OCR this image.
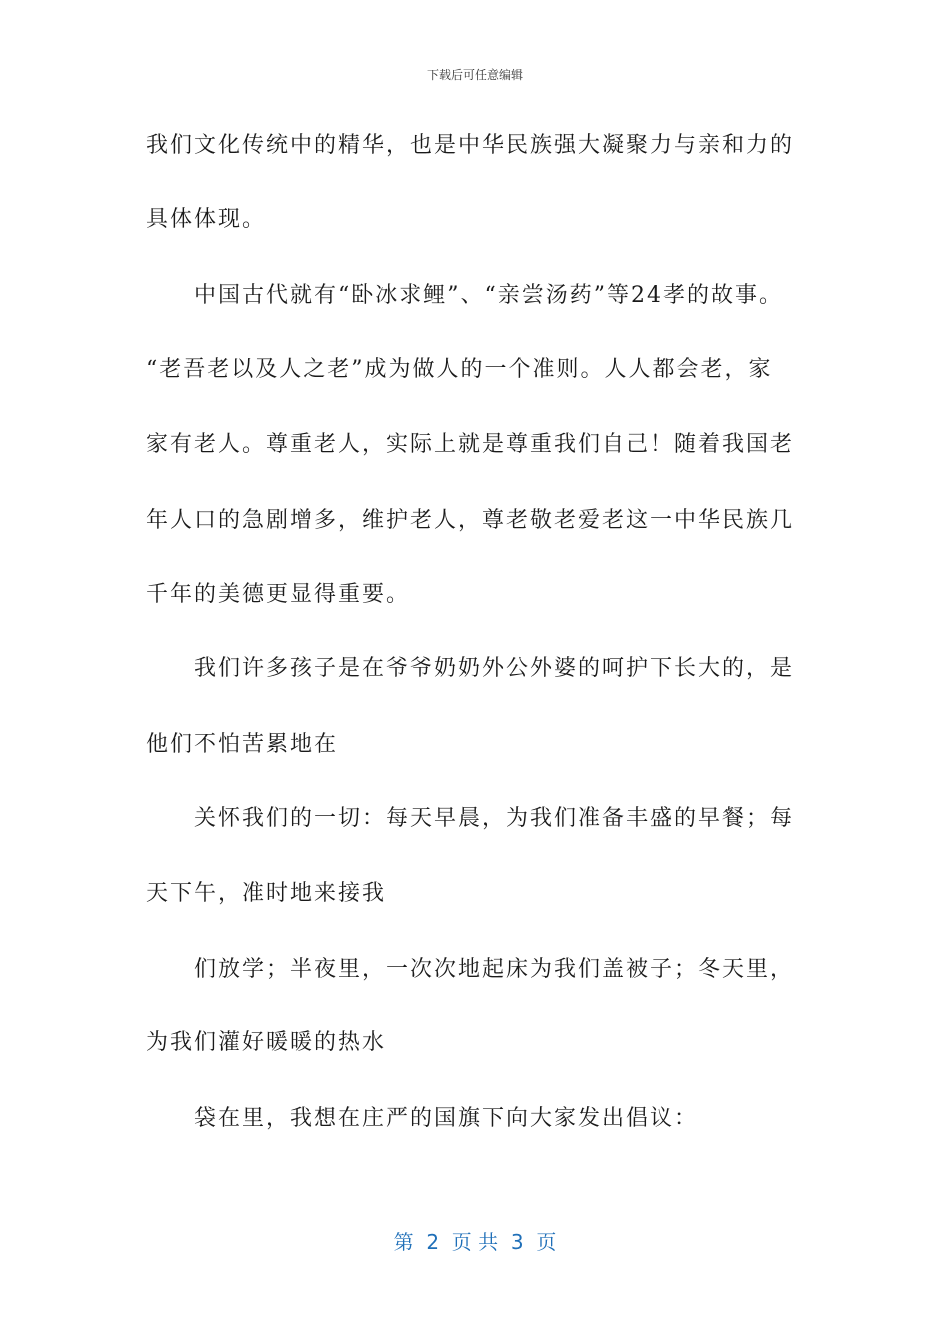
下载后可任意编辑
我们文化传统中的精华，也是中华民族强大凝聚力与亲和力的
具体体现。
中国古代就有“卧冰求鲤”、“亲尝汤药”等24孝的故事。
“老吾老以及人之老”成为做人的一个准则。人人都会老，家
家有老人。尊重老人，实际上就是尊重我们自己！随着我国老
年人口的急剧增多，维护老人，尊老敬老爱老这一中华民族几
千年的美德更显得重要。
我们许多孩子是在爷爷奶奶外公外婆的呵护下长大的，是
他们不怕苦累地在
关怀我们的一切：每天早晨，为我们准备丰盛的早餐；每
天下午，准时地来接我
们放学；半夜里，一次次地起床为我们盖被子；冬天里，
为我们灌好暖暖的热水
袋在里，我想在庄严的国旗下向大家发出倡议：
第  2  页 共  3  页
